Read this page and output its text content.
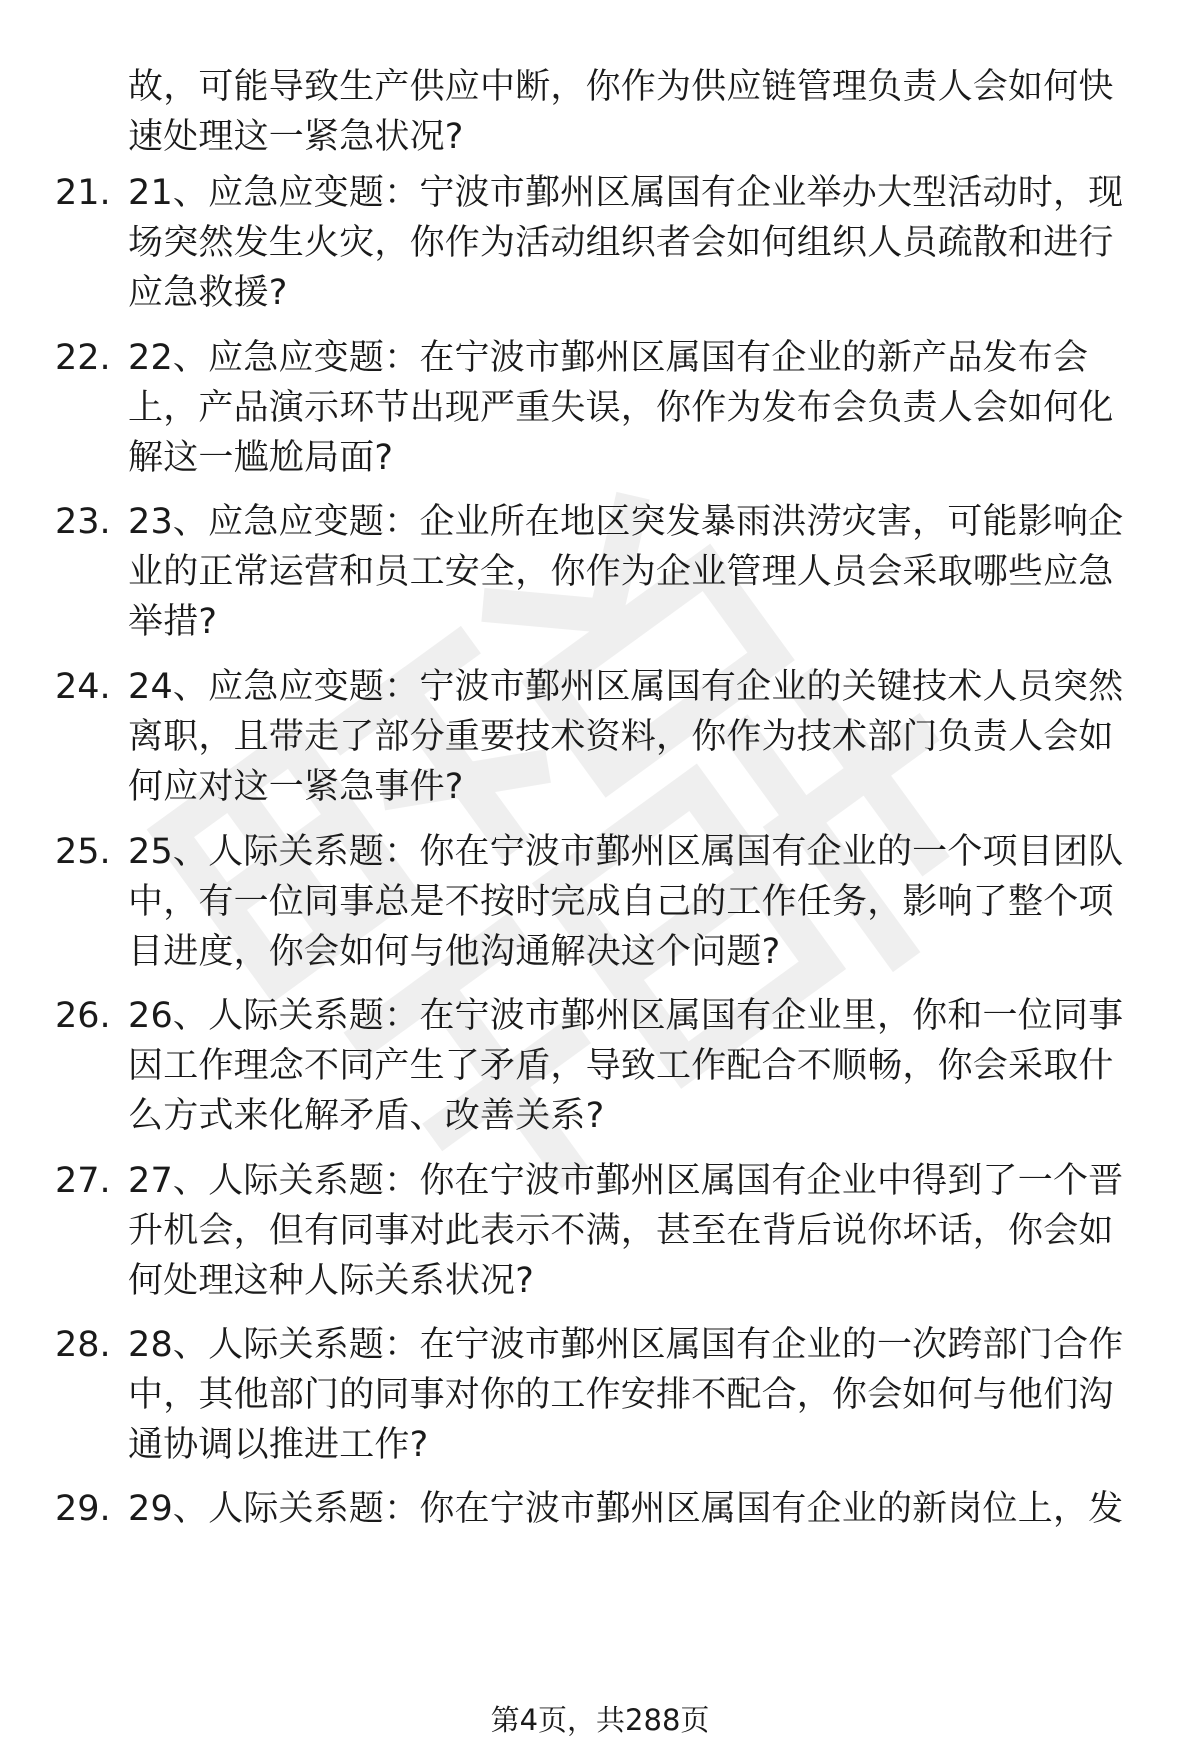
故，可能导致生产供应中断，你作为供应链管理负责人会如何快速处理这一紧急状况?
21. 21、应急应变题：宁波市鄞州区属国有企业举办大型活动时，现场突然发生火灾，你作为活动组织者会如何组织人员疏散和进行应急救援?
22. 22、应急应变题：在宁波市鄞州区属国有企业的新产品发布会上，产品演示环节出现严重失误，你作为发布会负责人会如何化解这一尴尬局面?
23. 23、应急应变题：企业所在地区突发暴雨洪涝灾害，可能影响企业的正常运营和员工安全，你作为企业管理人员会采取哪些应急举措?
24. 24、应急应变题：宁波市鄞州区属国有企业的关键技术人员突然离职，且带走了部分重要技术资料，你作为技术部门负责人会如何应对这一紧急事件?
25. 25、人际关系题：你在宁波市鄞州区属国有企业的一个项目团队中，有一位同事总是不按时完成自己的工作任务，影响了整个项目进度，你会如何与他沟通解决这个问题?
26. 26、人际关系题：在宁波市鄞州区属国有企业里，你和一位同事因工作理念不同产生了矛盾，导致工作配合不顺畅，你会采取什么方式来化解矛盾、改善关系?
27. 27、人际关系题：你在宁波市鄞州区属国有企业中得到了一个晋升机会，但有同事对此表示不满，甚至在背后说你坏话，你会如何处理这种人际关系状况?
28. 28、人际关系题：在宁波市鄞州区属国有企业的一次跨部门合作中，其他部门的同事对你的工作安排不配合，你会如何与他们沟通协调以推进工作?
29. 29、人际关系题：你在宁波市鄞州区属国有企业的新岗位上，发
第4页，共288页
